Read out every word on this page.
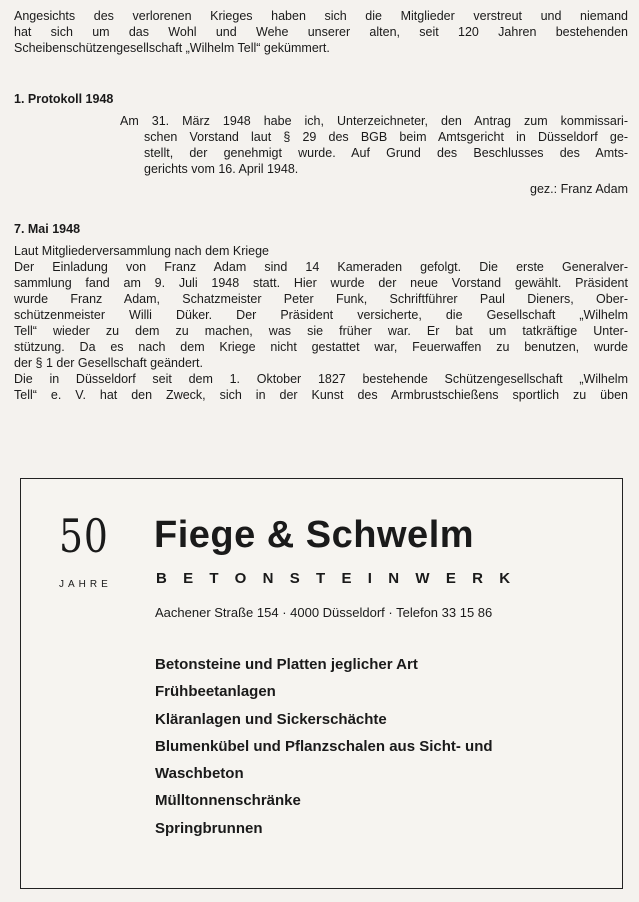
Angesichts des verlorenen Krieges haben sich die Mitglieder verstreut und niemand
hat sich um das Wohl und Wehe unserer alten, seit 120 Jahren bestehenden
Scheibenschützengesellschaft „Wilhelm Tell“ gekümmert.
1. Protokoll 1948
Am 31. März 1948 habe ich, Unterzeichneter, den Antrag zum kommissari-
schen Vorstand laut § 29 des BGB beim Amtsgericht in Düsseldorf ge-
stellt, der genehmigt wurde. Auf Grund des Beschlusses des Amts-
gerichts vom 16. April 1948.
gez.: Franz Adam
7. Mai 1948
Laut Mitgliederversammlung nach dem Kriege
Der Einladung von Franz Adam sind 14 Kameraden gefolgt. Die erste Generalver-
sammlung fand am 9. Juli 1948 statt. Hier wurde der neue Vorstand gewählt. Präsident
wurde Franz Adam, Schatzmeister Peter Funk, Schriftführer Paul Dieners, Ober-
schützenmeister Willi Düker. Der Präsident versicherte, die Gesellschaft „Wilhelm
Tell“ wieder zu dem zu machen, was sie früher war. Er bat um tatkräftige Unter-
stützung. Da es nach dem Kriege nicht gestattet war, Feuerwaffen zu benutzen, wurde
der § 1 der Gesellschaft geändert.
Die in Düsseldorf seit dem 1. Oktober 1827 bestehende Schützengesellschaft „Wilhelm
Tell“ e. V. hat den Zweck, sich in der Kunst des Armbrustschießens sportlich zu üben
50
JAHRE
Fiege & Schwelm
BETONSTEINWERK
Aachener Straße 154 · 4000 Düsseldorf · Telefon 33 15 86
Betonsteine und Platten jeglicher Art
Frühbeetanlagen
Kläranlagen und Sickerschächte
Blumenkübel und Pflanzschalen aus Sicht- und
Waschbeton
Mülltonnenschränke
Springbrunnen
